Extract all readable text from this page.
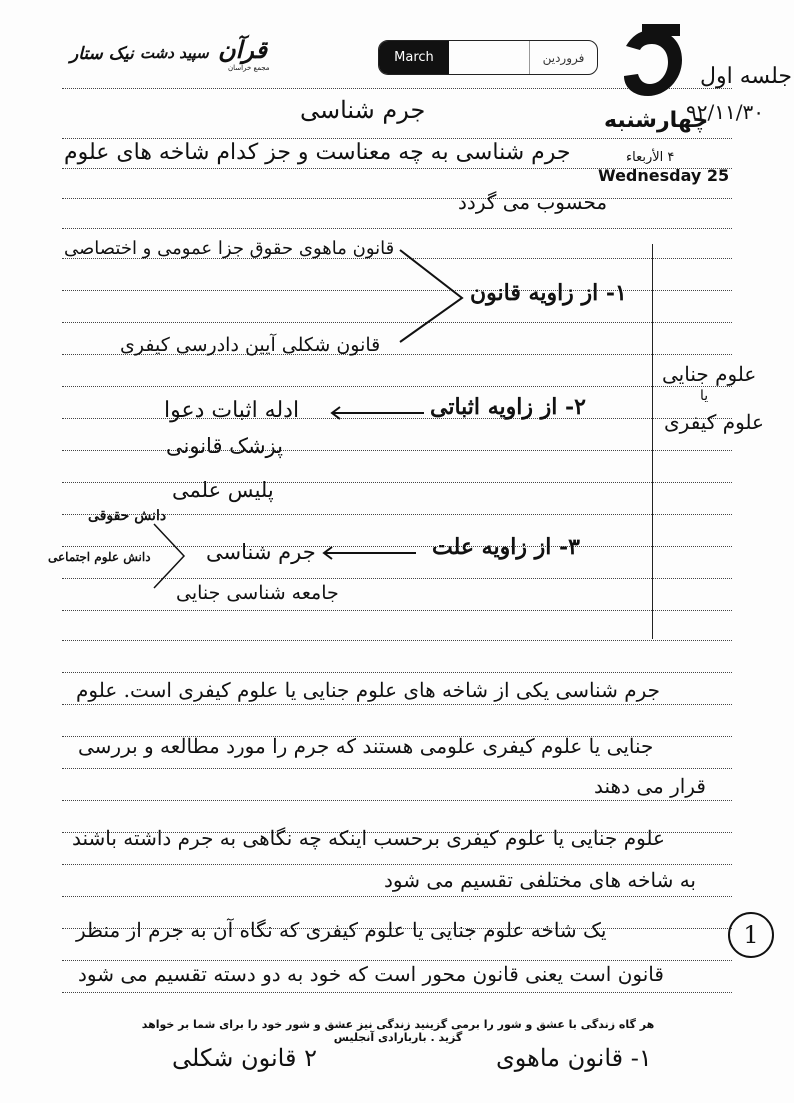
نیک ستار سپید دشت قرآن
مجمع خراسان
March	فروردین
چهارشنبه
۴ الأربعاء
Wednesday 25
جلسه اول
۹۲/۱۱/۳۰
جرم شناسی
جرم شناسی به چه معناست و جز کدام شاخه های علوم
محسوب می گردد
قانون ماهوی حقوق جزا عمومی و اختصاصی
۱- از زاویه قانون
قانون شکلی آیین دادرسی کیفری
علوم جنایی
یا
علوم کیفری
۲- از زاویه اثباتی
ادله اثبات دعوا
پزشک قانونی
پلیس علمی
دانش حقوقی
دانش علوم اجتماعی	۳- از زاویه علت
جرم شناسی
جامعه شناسی جنایی
جرم شناسی یکی از شاخه های علوم جنایی یا علوم کیفری است. علوم
جنایی یا علوم کیفری علومی هستند که جرم را مورد مطالعه و بررسی
قرار می دهند
علوم جنایی یا علوم کیفری برحسب اینکه چه نگاهی به جرم داشته باشند
به شاخه های مختلفی تقسیم می شود
1
یک شاخه علوم جنایی یا علوم کیفری که نگاه آن به جرم از منظر
قانون است یعنی قانون محور است که خود به دو دسته تقسیم می شود
هر گاه زندگی با عشق و شور را برمی گزینید زندگی نیز عشق و شور خود را برای شما بر خواهد گزید . باربارادی آنجلیس
۱- قانون ماهوی
۲ قانون شکلی
